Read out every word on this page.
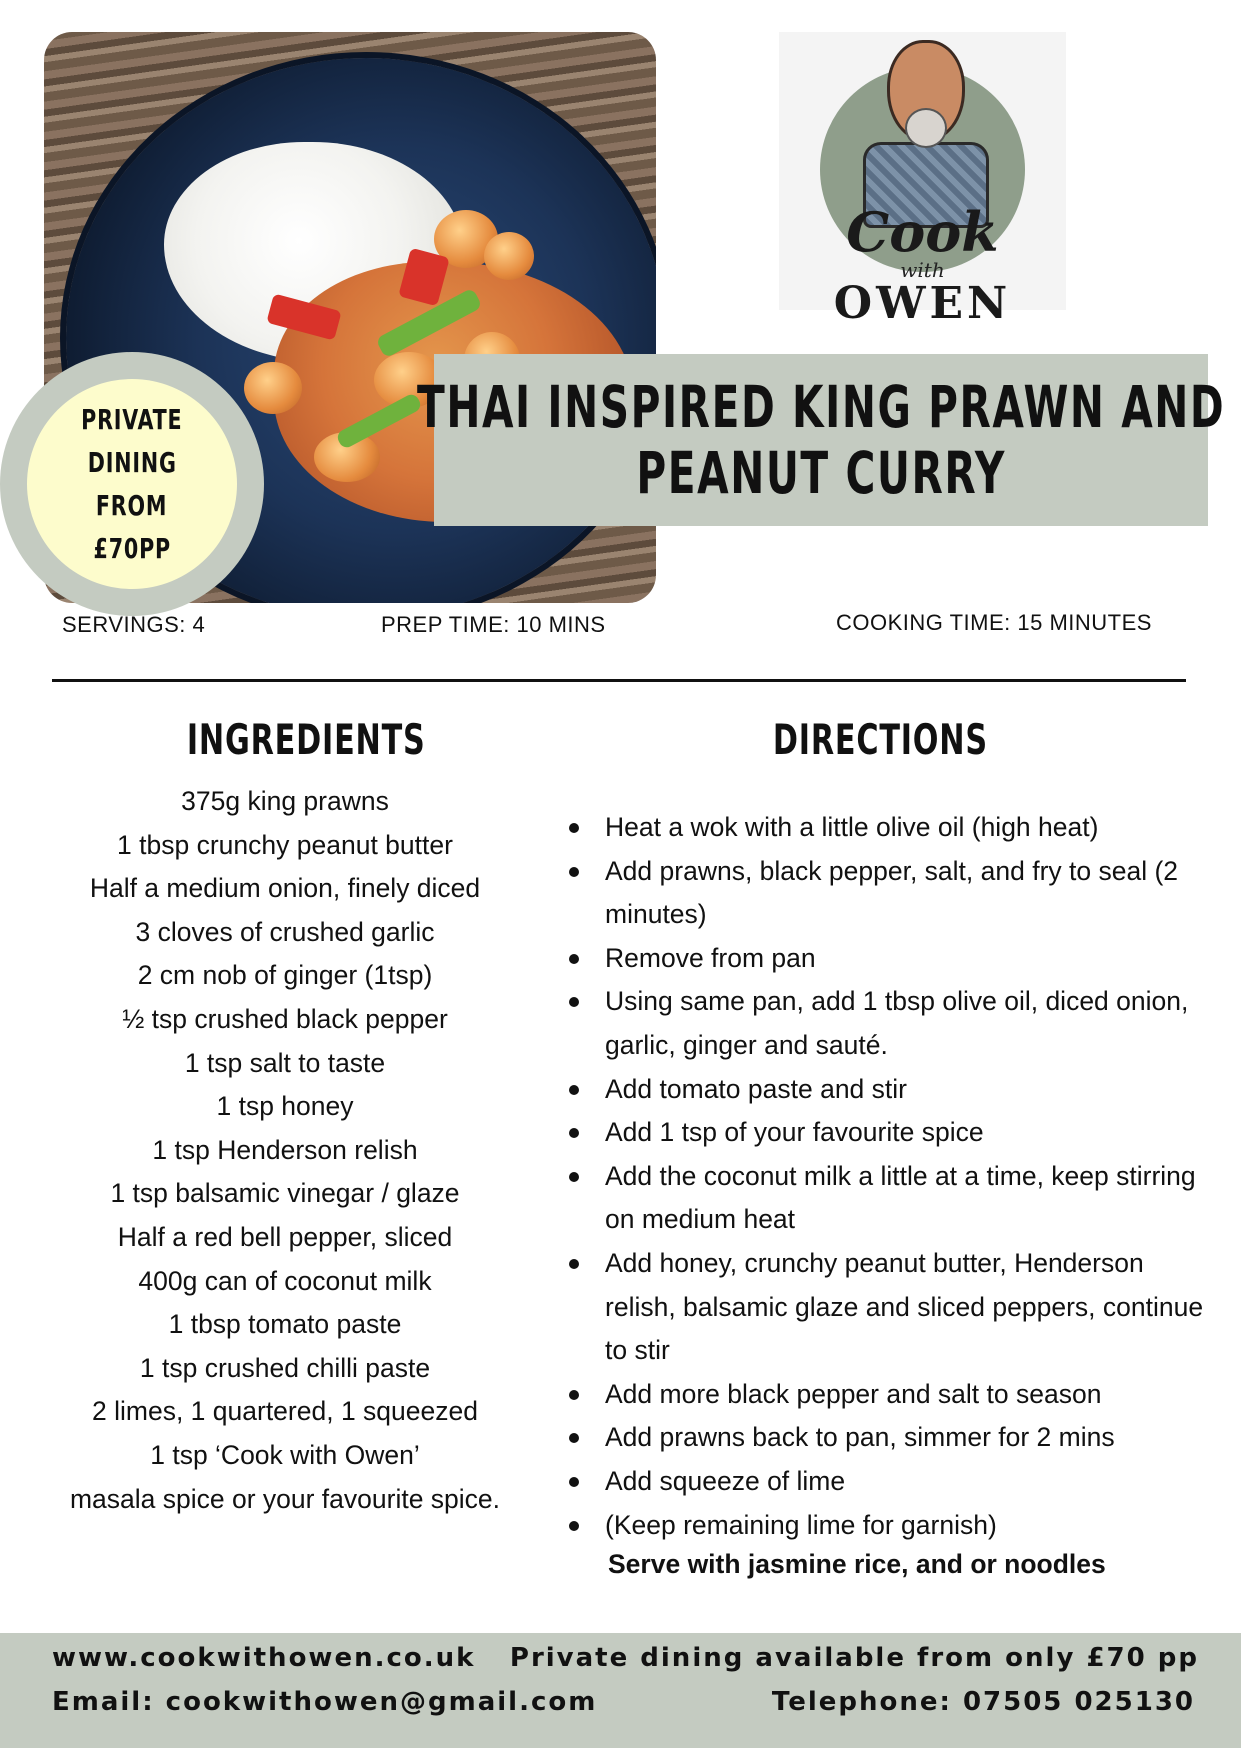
PRIVATE
DINING
FROM
£70PP
Cook
with
OWEN
THAI INSPIRED KING PRAWN AND
PEANUT CURRY
SERVINGS: 4	PREP TIME: 10 MINS	COOKING TIME: 15 MINUTES
INGREDIENTS
375g king prawns
1 tbsp crunchy peanut butter
Half a medium onion, finely diced
3 cloves of crushed garlic
2 cm nob of ginger (1tsp)
½ tsp crushed black pepper
1 tsp salt to taste
1 tsp honey
1 tsp Henderson relish
1 tsp balsamic vinegar / glaze
Half a red bell pepper, sliced
400g can of coconut milk
1 tbsp tomato paste
1 tsp crushed chilli paste
2 limes, 1 quartered, 1 squeezed
1 tsp ‘Cook with Owen’
masala spice or your favourite spice.
DIRECTIONS
Heat a wok with a little olive oil (high heat)
Add prawns, black pepper, salt, and fry to seal (2 minutes)
Remove from pan
Using same pan, add 1 tbsp olive oil, diced onion, garlic, ginger and sauté.
Add tomato paste and stir
Add 1 tsp of your favourite spice
Add the coconut milk a little at a time, keep stirring on medium heat
Add honey, crunchy peanut butter, Henderson relish, balsamic glaze and sliced peppers, continue to stir
Add more black pepper and salt to season
Add prawns back to pan, simmer for 2 mins
Add squeeze of lime
(Keep remaining lime for garnish)
Serve with jasmine rice, and or noodles
www.cookwithowen.co.uk
Email: cookwithowen@gmail.com
Private dining available from only £70 pp
Telephone: 07505 025130
